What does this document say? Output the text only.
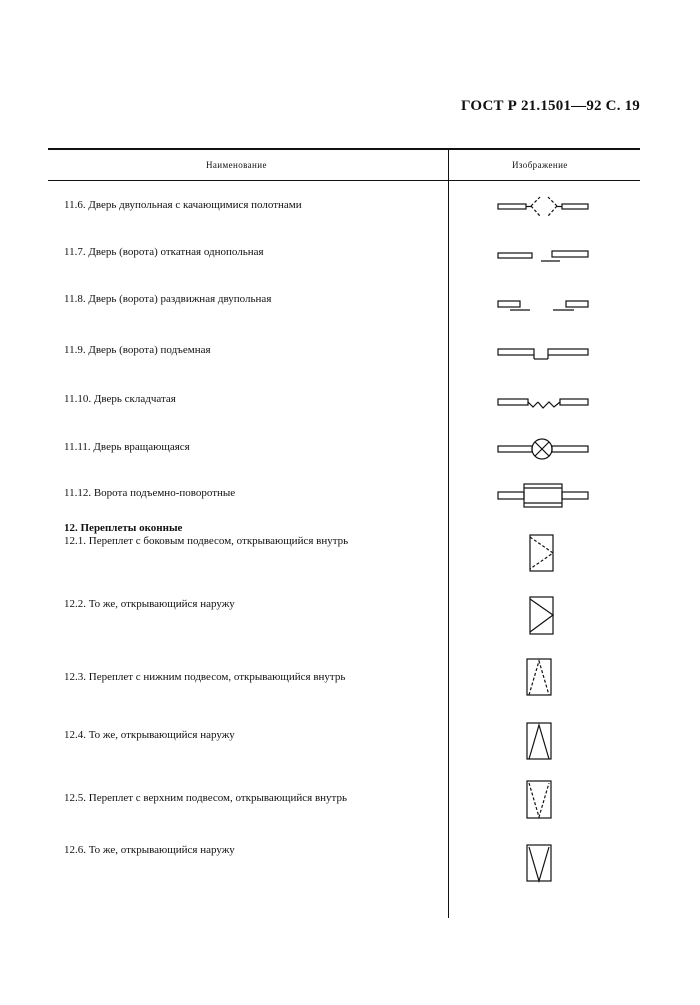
ГОСТ Р 21.1501—92 С. 19
Наименование	Изображение
11.6. Дверь двупольная с качающимися полотнами
11.7. Дверь (ворота) откатная однопольная
11.8. Дверь (ворота) раздвижная двупольная
11.9. Дверь (ворота) подъемная
11.10. Дверь складчатая
11.11. Дверь вращающаяся
11.12. Ворота подъемно-поворотные
12. Переплеты оконные
12.1. Переплет с боковым подвесом, открывающийся внутрь
12.2. То же, открывающийся наружу
12.3. Переплет с нижним подвесом, открывающийся внутрь
12.4. То же, открывающийся наружу
12.5. Переплет с верхним подвесом, открывающийся внутрь
12.6. То же, открывающийся наружу
